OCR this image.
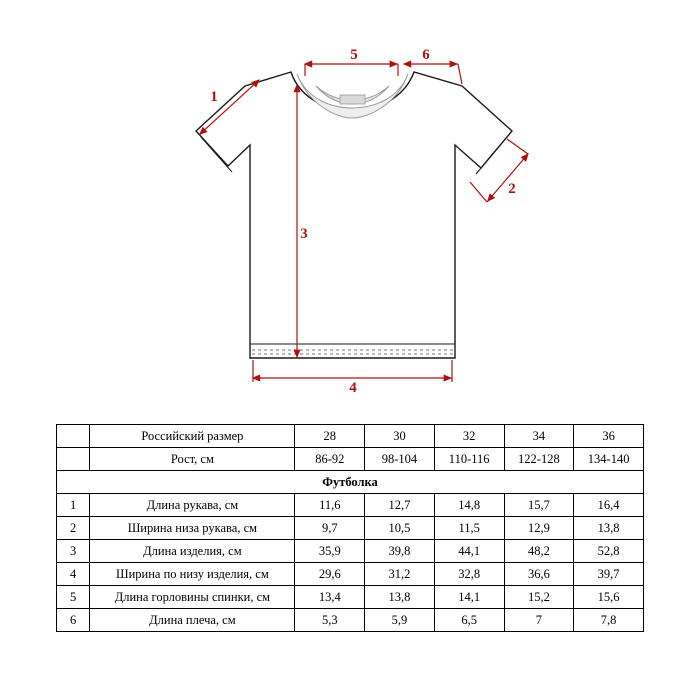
1
2
3
4
5	6
	Российский размер	28	30	32	34	36
	Рост, см	86-92	98-104	110-116	122-128	134-140
Футболка						
1	Длина рукава, см	11,6	12,7	14,8	15,7	16,4
2	Ширина низа рукава, см	9,7	10,5	11,5	12,9	13,8
3	Длина изделия, см	35,9	39,8	44,1	48,2	52,8
4	Ширина по низу изделия, см	29,6	31,2	32,8	36,6	39,7
5	Длина горловины спинки, см	13,4	13,8	14,1	15,2	15,6
6	Длина плеча, см	5,3	5,9	6,5	7	7,8
